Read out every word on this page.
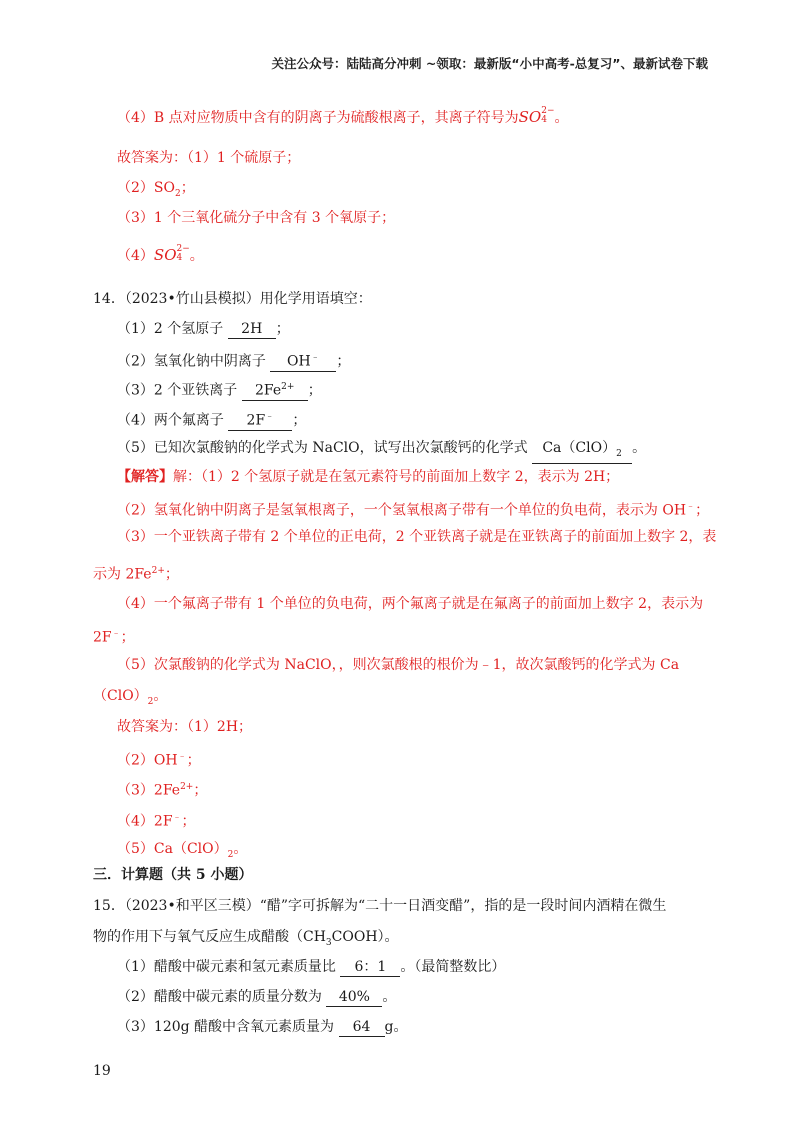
关注公众号：陆陆高分冲刺 ~领取：最新版“小中高考-总复习”、最新试卷下载
（4）B 点对应物质中含有的阴离子为硫酸根离子，其离子符号为SO 2−
4 。
故答案为：（1）1 个硫原子；
$(2)SO_2$；
（3）1 个三氧化硫分子中含有 3 个氧原子；
（4）SO 2−
4 。
14．（2023•竹山县模拟）用化学用语填空：
（1）2 个氢原子 2H ；
（2）氢氧化钠中阴离子 OH﹣ ；
（3）2 个亚铁离子 $2Fe^{2+}$ ；
（4）两个氟离子 2F﹣ ；
（5）已知次氯酸钠的化学式为 NaClO，试写出次氯酸钙的化学式 $Ca(ClO)_2$ 。
【解答】解：（1）2 个氢原子就是在氢元素符号的前面加上数字 2，表示为 2H；
（2）氢氧化钠中阴离子是氢氧根离子，一个氢氧根离子带有一个单位的负电荷，表示为 OH﹣；
（3）一个亚铁离子带有 2 个单位的正电荷，2 个亚铁离子就是在亚铁离子的前面加上数字 2，表
示为 $2Fe^{2+}$；
（4）一个氟离子带有 1 个单位的负电荷，两个氟离子就是在氟离子的前面加上数字 2，表示为
2F﹣；
（5）次氯酸钠的化学式为 NaClO，，则次氯酸根的根价为﹣1，故次氯酸钙的化学式为 Ca
$(ClO)_2$。
故答案为：（1）2H；
（2）OH﹣；
$(3)2Fe^{2+}$；
（4）2F﹣；
$(5)Ca(ClO)_2$。
三．计算题（共 5 小题）
15．（2023•和平区三模）“醋”字可拆解为“二十一日酒变醋”，指的是一段时间内酒精在微生
物的作用下与氧气反应生成醋酸$(CH_3COOH)$。
（1）醋酸中碳元素和氢元素质量比 6：1 。（最简整数比）
（2）醋酸中碳元素的质量分数为 40% 。
（3）120g 醋酸中含氧元素质量为 64 g。
19
